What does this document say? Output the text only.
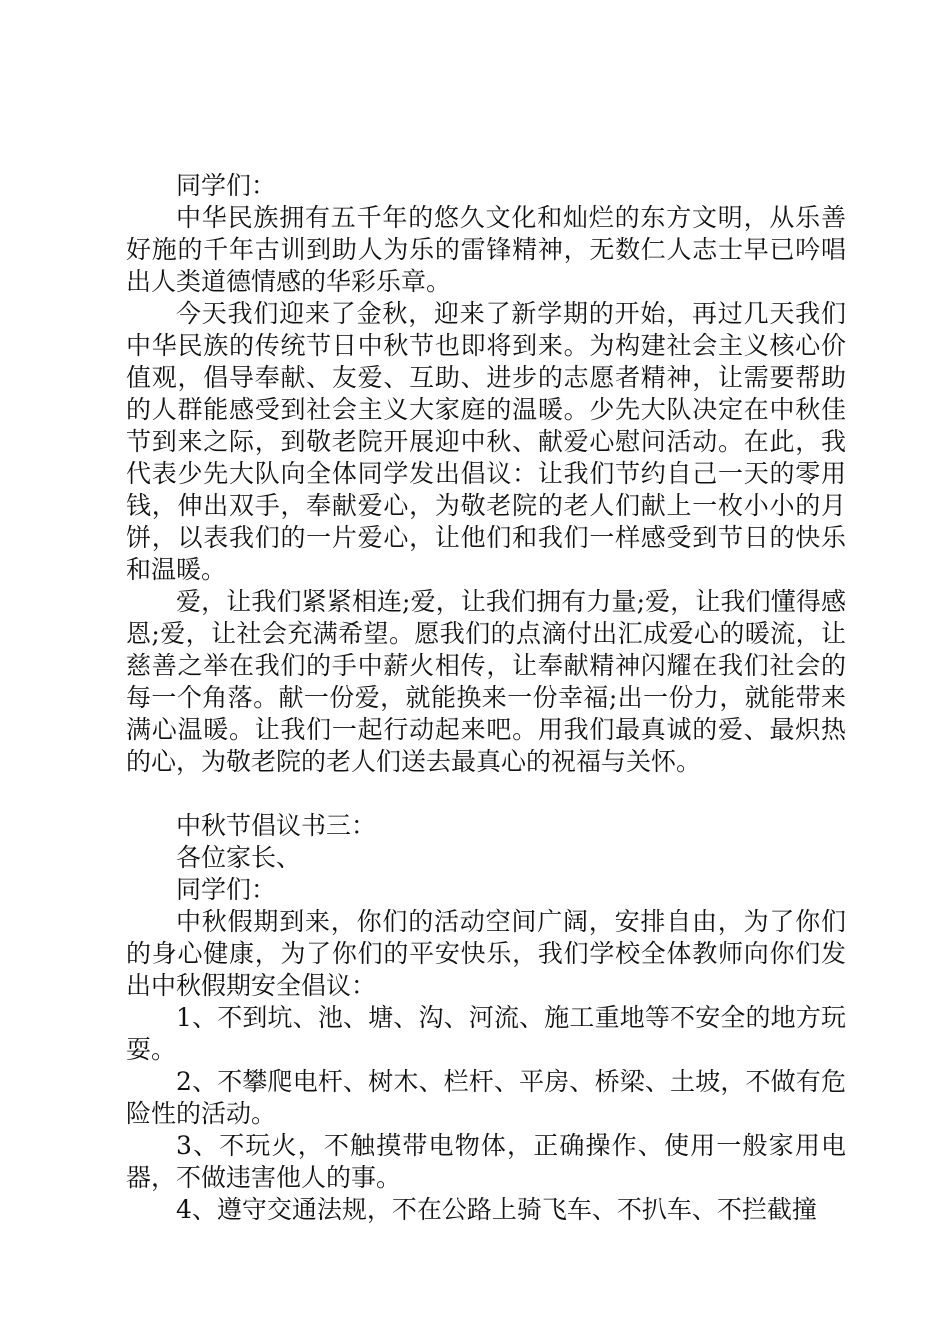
同学们：

中华民族拥有五千年的悠久文化和灿烂的东方文明，从乐善好施的千年古训到助人为乐的雷锋精神，无数仁人志士早已吟唱出人类道德情感的华彩乐章。

今天我们迎来了金秋，迎来了新学期的开始，再过几天我们中华民族的传统节日中秋节也即将到来。为构建社会主义核心价值观，倡导奉献、友爱、互助、进步的志愿者精神，让需要帮助的人群能感受到社会主义大家庭的温暖。少先大队决定在中秋佳节到来之际，到敬老院开展迎中秋、献爱心慰问活动。在此，我代表少先大队向全体同学发出倡议：让我们节约自己一天的零用钱，伸出双手，奉献爱心，为敬老院的老人们献上一枚小小的月饼，以表我们的一片爱心，让他们和我们一样感受到节日的快乐和温暖。

爱，让我们紧紧相连;爱，让我们拥有力量;爱，让我们懂得感恩;爱，让社会充满希望。愿我们的点滴付出汇成爱心的暖流，让慈善之举在我们的手中薪火相传，让奉献精神闪耀在我们社会的每一个角落。献一份爱，就能换来一份幸福;出一份力，就能带来满心温暖。让我们一起行动起来吧。用我们最真诚的爱、最炽热的心，为敬老院的老人们送去最真心的祝福与关怀。

中秋节倡议书三：

各位家长、

同学们：

中秋假期到来，你们的活动空间广阔，安排自由，为了你们的身心健康，为了你们的平安快乐，我们学校全体教师向你们发出中秋假期安全倡议：

1、不到坑、池、塘、沟、河流、施工重地等不安全的地方玩耍。

2、不攀爬电杆、树木、栏杆、平房、桥梁、土坡，不做有危险性的活动。

3、不玩火，不触摸带电物体，正确操作、使用一般家用电器，不做违害他人的事。

4、遵守交通法规，不在公路上骑飞车、不扒车、不拦截撞
